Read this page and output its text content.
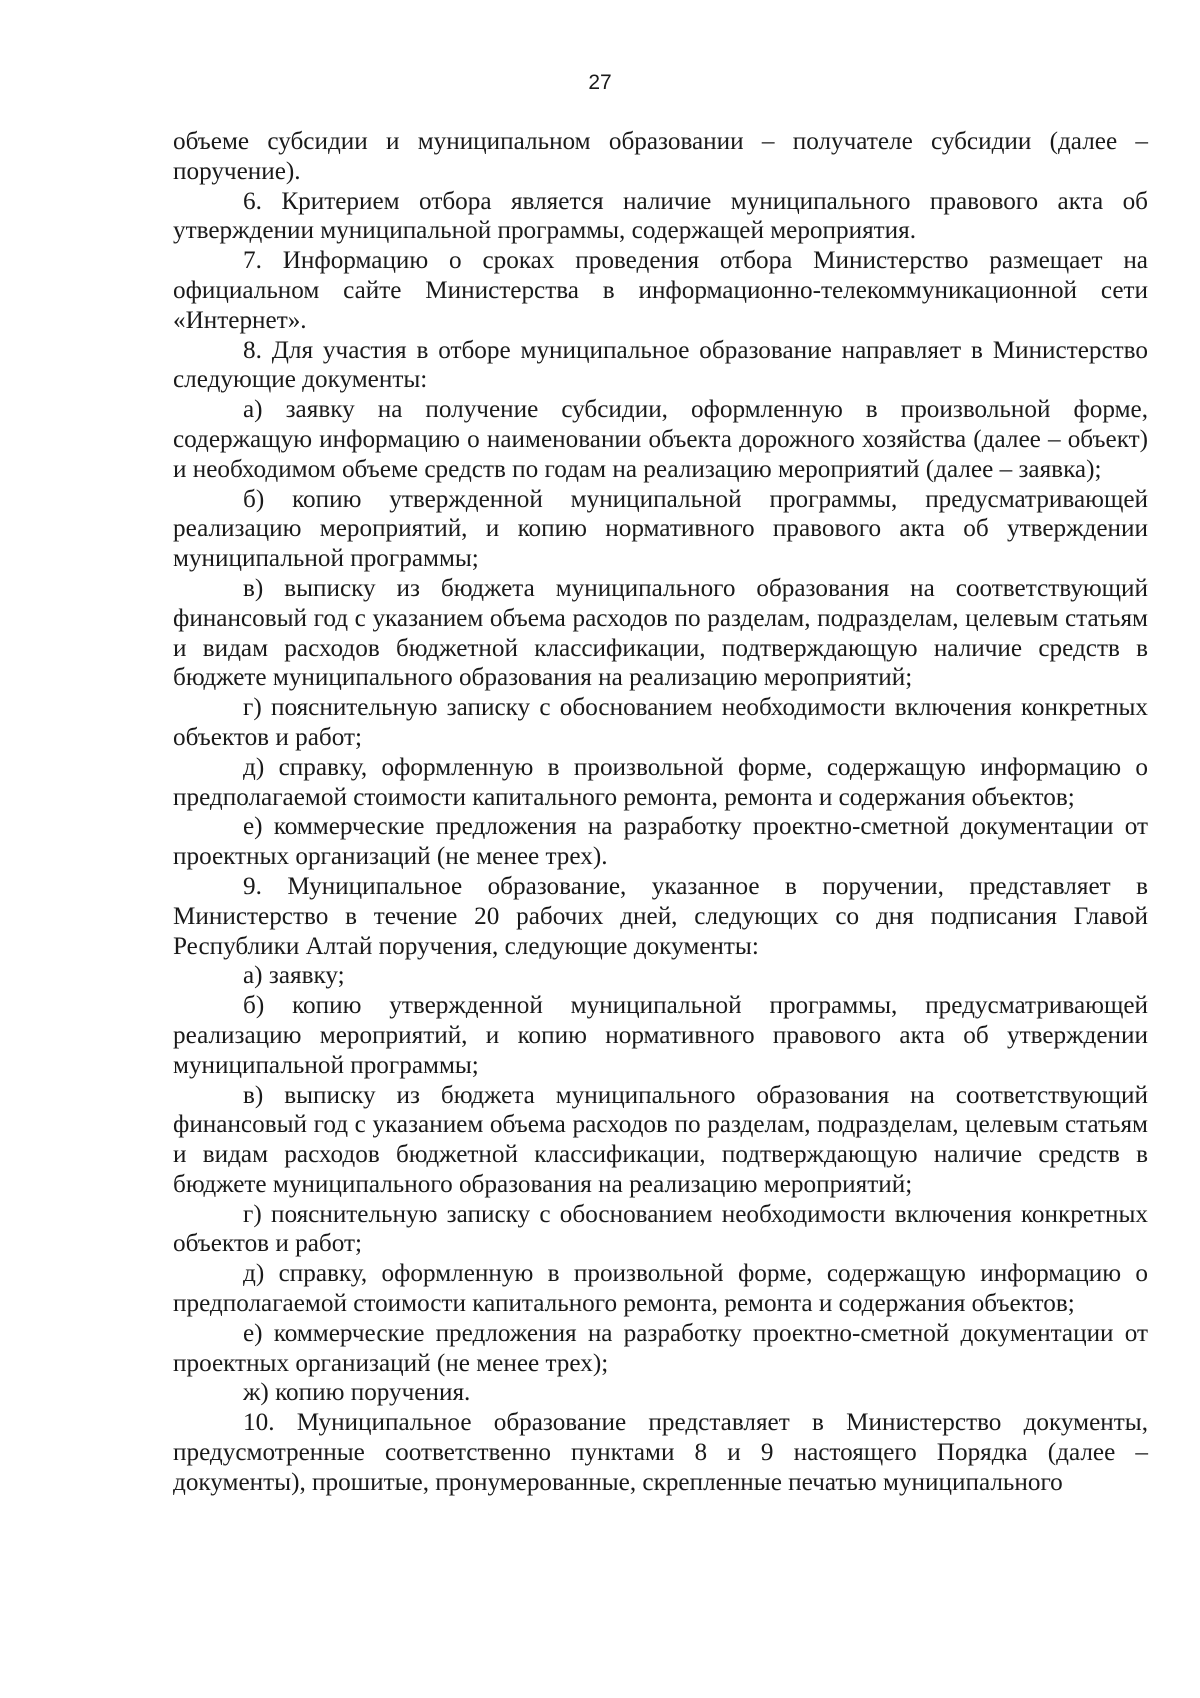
27

объеме субсидии и муниципальном образовании – получателе субсидии (далее – поручение).

6. Критерием отбора является наличие муниципального правового акта об утверждении муниципальной программы, содержащей мероприятия.

7. Информацию о сроках проведения отбора Министерство размещает на официальном сайте Министерства в информационно-телекоммуникационной сети «Интернет».

8. Для участия в отборе муниципальное образование направляет в Министерство следующие документы:

а) заявку на получение субсидии, оформленную в произвольной форме, содержащую информацию о наименовании объекта дорожного хозяйства (далее – объект) и необходимом объеме средств по годам на реализацию мероприятий (далее – заявка);

б) копию утвержденной муниципальной программы, предусматривающей реализацию мероприятий, и копию нормативного правового акта об утверждении муниципальной программы;

в) выписку из бюджета муниципального образования на соответствующий финансовый год с указанием объема расходов по разделам, подразделам, целевым статьям и видам расходов бюджетной классификации, подтверждающую наличие средств в бюджете муниципального образования на реализацию мероприятий;

г) пояснительную записку с обоснованием необходимости включения конкретных объектов и работ;

д) справку, оформленную в произвольной форме, содержащую информацию о предполагаемой стоимости капитального ремонта, ремонта и содержания объектов;

е) коммерческие предложения на разработку проектно-сметной документации от проектных организаций (не менее трех).

9. Муниципальное образование, указанное в поручении, представляет в Министерство в течение 20 рабочих дней, следующих со дня подписания Главой Республики Алтай поручения, следующие документы:

а) заявку;

б) копию утвержденной муниципальной программы, предусматривающей реализацию мероприятий, и копию нормативного правового акта об утверждении муниципальной программы;

в) выписку из бюджета муниципального образования на соответствующий финансовый год с указанием объема расходов по разделам, подразделам, целевым статьям и видам расходов бюджетной классификации, подтверждающую наличие средств в бюджете муниципального образования на реализацию мероприятий;

г) пояснительную записку с обоснованием необходимости включения конкретных объектов и работ;

д) справку, оформленную в произвольной форме, содержащую информацию о предполагаемой стоимости капитального ремонта, ремонта и содержания объектов;

е) коммерческие предложения на разработку проектно-сметной документации от проектных организаций (не менее трех);

ж) копию поручения.

10. Муниципальное образование представляет в Министерство документы, предусмотренные соответственно пунктами 8 и 9 настоящего Порядка (далее – документы), прошитые, пронумерованные, скрепленные печатью муниципального
